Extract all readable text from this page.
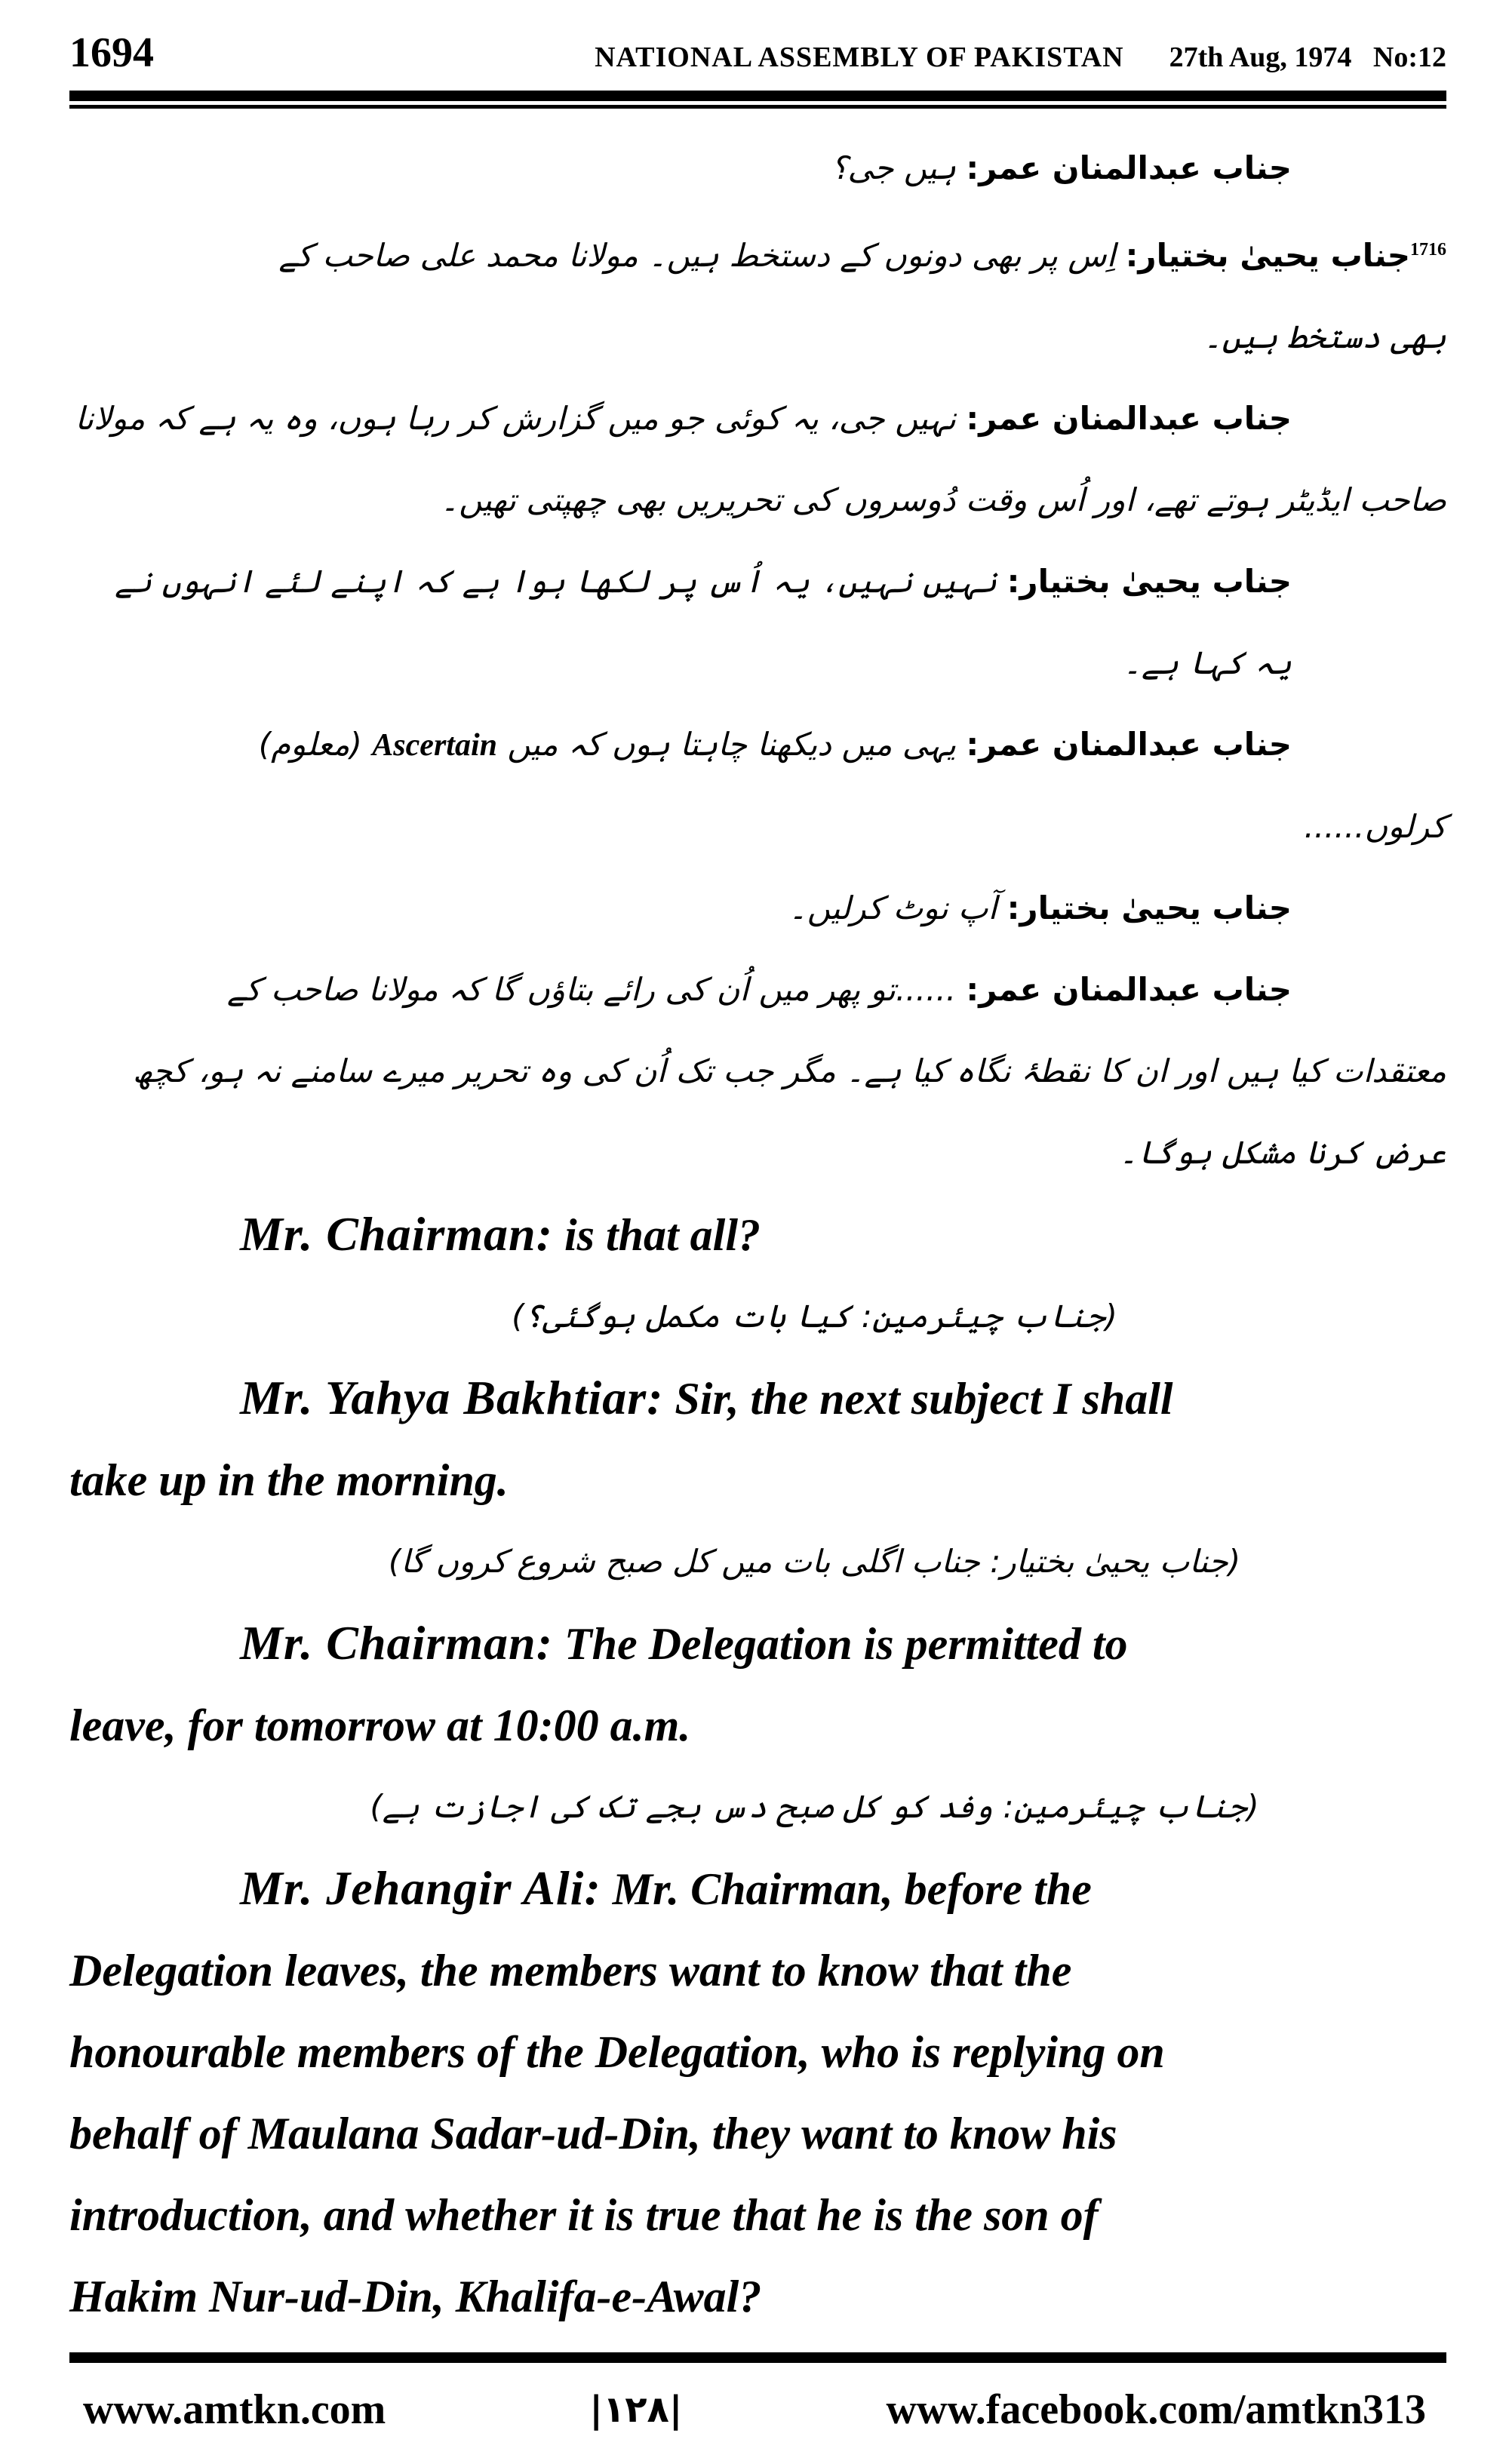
1694	NATIONAL ASSEMBLY OF PAKISTAN 27th Aug, 1974   No:12
جناب عبدالمنان عمر: ہیں جی؟
$^{1716}$جناب یحییٰ بختیار: اِس پر بھی دونوں کے دستخط ہیں۔ مولانا محمد علی صاحب کے
بھی دستخط ہیں۔
جناب عبدالمنان عمر: نہیں جی، یہ کوئی جو میں گزارش کر رہا ہوں، وہ یہ ہے کہ مولانا
صاحب ایڈیٹر ہوتے تھے، اور اُس وقت دُوسروں کی تحریریں بھی چھپتی تھیں۔
جناب یحییٰ بختیار: نہیں نہیں، یہ اُس پر لکھا ہوا ہے کہ اپنے لئے انہوں نے یہ کہا ہے۔
جناب عبدالمنان عمر: یہی میں دیکھنا چاہتا ہوں کہ میں Ascertain (معلوم)
کرلوں......
جناب یحییٰ بختیار: آپ نوٹ کرلیں۔
جناب عبدالمنان عمر: ......تو پھر میں اُن کی رائے بتاؤں گا کہ مولانا صاحب کے
معتقدات کیا ہیں اور ان کا نقطۂ نگاہ کیا ہے۔ مگر جب تک اُن کی وہ تحریر میرے سامنے نہ ہو، کچھ
عرض کرنا مشکل ہوگا۔
Mr. Chairman: is that all?
(جناب چیئرمین: کیا بات مکمل ہوگئی؟)
Mr. Yahya Bakhtiar: Sir, the next subject I shall
take up in the morning.
(جناب یحییٰ بختیار: جناب اگلی بات میں کل صبح شروع کروں گا)
Mr. Chairman: The Delegation is permitted to
leave, for tomorrow at 10:00 a.m.
(جناب چیئرمین: وفد کو کل صبح دس بجے تک کی اجازت ہے)
Mr. Jehangir Ali: Mr. Chairman, before the
Delegation leaves, the members want to know that the
honourable members of the Delegation, who is replying on
behalf of Maulana Sadar-ud-Din, they want to know his
introduction, and whether it is true that he is the son of
Hakim Nur-ud-Din, Khalifa-e-Awal?
www.amtkn.com	|١٢٨|	www.facebook.com/amtkn313
